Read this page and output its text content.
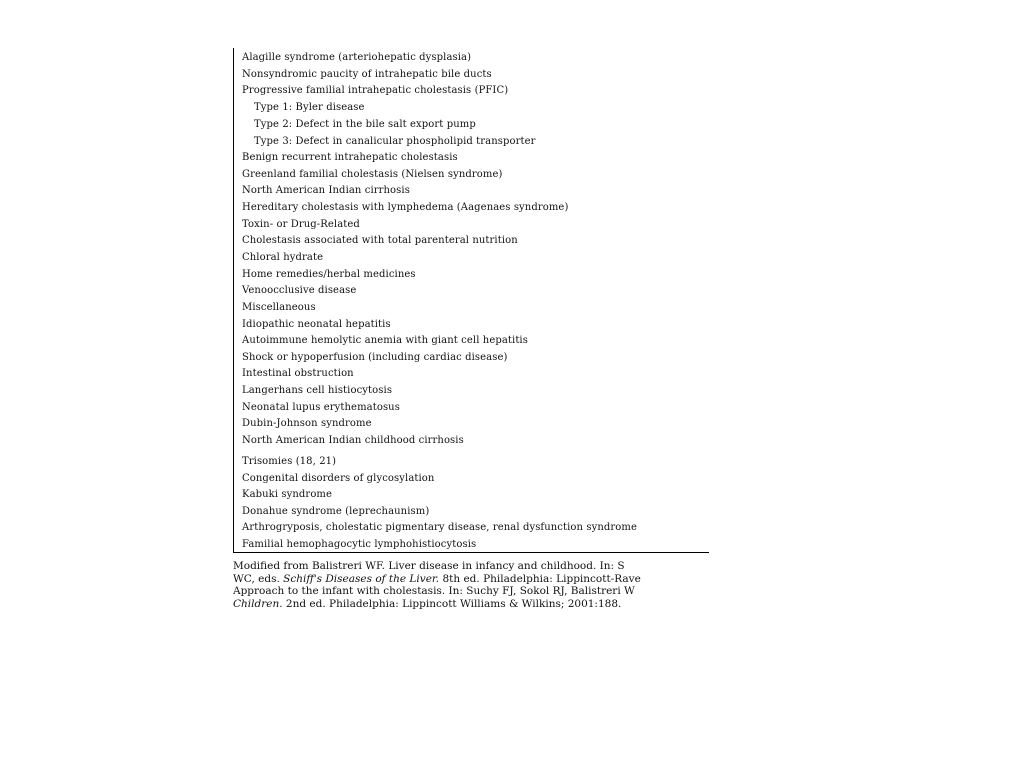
Alagille syndrome (arteriohepatic dysplasia)
Nonsyndromic paucity of intrahepatic bile ducts
Progressive familial intrahepatic cholestasis (PFIC)
Type 1: Byler disease
Type 2: Defect in the bile salt export pump
Type 3: Defect in canalicular phospholipid transporter
Benign recurrent intrahepatic cholestasis
Greenland familial cholestasis (Nielsen syndrome)
North American Indian cirrhosis
Hereditary cholestasis with lymphedema (Aagenaes syndrome)
Toxin- or Drug-Related
Cholestasis associated with total parenteral nutrition
Chloral hydrate
Home remedies/herbal medicines
Venoocclusive disease
Miscellaneous
Idiopathic neonatal hepatitis
Autoimmune hemolytic anemia with giant cell hepatitis
Shock or hypoperfusion (including cardiac disease)
Intestinal obstruction
Langerhans cell histiocytosis
Neonatal lupus erythematosus
Dubin-Johnson syndrome
North American Indian childhood cirrhosis
Trisomies (18, 21)
Congenital disorders of glycosylation
Kabuki syndrome
Donahue syndrome (leprechaunism)
Arthrogryposis, cholestatic pigmentary disease, renal dysfunction syndrome
Familial hemophagocytic lymphohistiocytosis
Modified from Balistreri WF. Liver disease in infancy and childhood. In: S
WC, eds. Schiff's Diseases of the Liver. 8th ed. Philadelphia: Lippincott-Rave
Approach to the infant with cholestasis. In: Suchy FJ, Sokol RJ, Balistreri W
Children. 2nd ed. Philadelphia: Lippincott Williams & Wilkins; 2001:188.
